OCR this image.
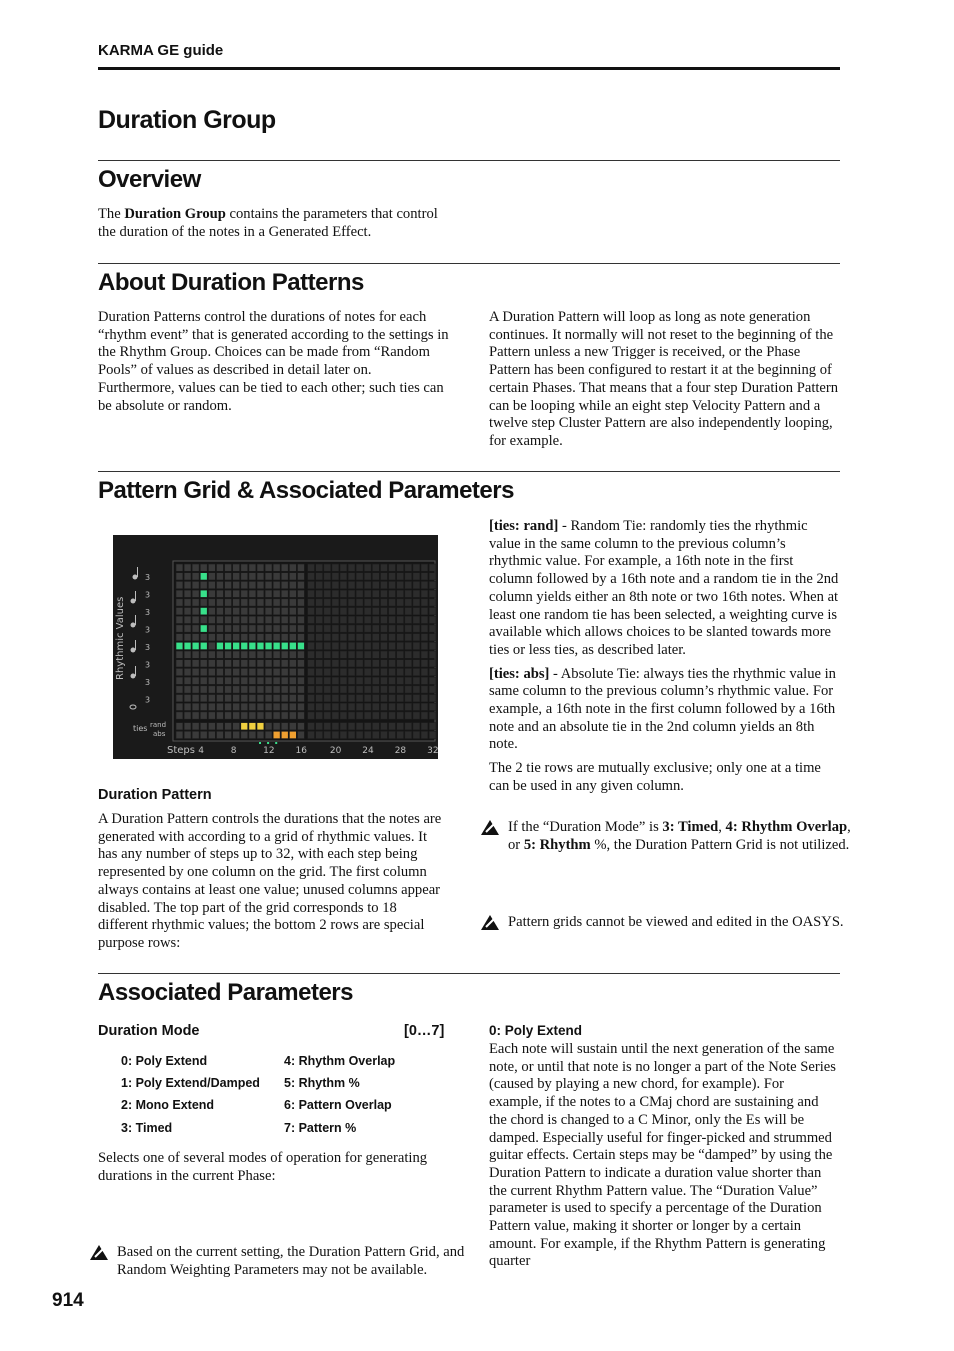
KARMA GE guide
Duration Group
Overview
The Duration Group contains the parameters that control the duration of the notes in a Generated Effect.
About Duration Patterns
Duration Patterns control the durations of notes for each “rhythm event” that is generated according to the settings in the Rhythm Group. Choices can be made from “Random Pools” of values as described in detail later on. Furthermore, values can be tied to each other; such ties can be absolute or random.
A Duration Pattern will loop as long as note generation continues. It normally will not reset to the beginning of the Pattern unless a new Trigger is received, or the Phase Pattern has been configured to restart it at the beginning of certain Phases. That means that a four step Duration Pattern can be looping while an eight step Velocity Pattern and a twelve step Cluster Pattern are also independently looping, for example.
Pattern Grid & Associated Parameters
3
3
3
3
3
3
3
3
Rhythmic Values
ties rand
abs
Steps 4	8	12 16	20 24 28 32
Duration Pattern
A Duration Pattern controls the durations that the notes are generated with according to a grid of rhythmic values. It has any number of steps up to 32, with each step being represented by one column on the grid. The first column always contains at least one value; unused columns appear disabled. The top part of the grid corresponds to 18 different rhythmic values; the bottom 2 rows are special purpose rows:

[ties: rand] - Random Tie: randomly ties the rhythmic value in the same column to the previous column’s rhythmic value. For example, a 16th note in the first column followed by a 16th note and a random tie in the 2nd column yields either an 8th note or two 16th notes. When at least one random tie has been selected, a weighting curve is available which allows choices to be slanted towards more ties or less ties, as described later.

[ties: abs] - Absolute Tie: always ties the rhythmic value in same column to the previous column’s rhythmic value. For example, a 16th note in the first column followed by a 16th note and an absolute tie in the 2nd column yields an 8th note.

The 2 tie rows are mutually exclusive; only one at a time can be used in any given column.

If the “Duration Mode” is 3: Timed, 4: Rhythm Overlap, or 5: Rhythm %, the Duration Pattern Grid is not utilized.
Pattern grids cannot be viewed and edited in the OASYS.
Associated Parameters
Duration Mode	[0…7]
0: Poly Extend
1: Poly Extend/Damped
2: Mono Extend
3: Timed
4: Rhythm Overlap
5: Rhythm %
6: Pattern Overlap
7: Pattern %
Selects one of several modes of operation for generating durations in the current Phase:
Based on the current setting, the Duration Pattern Grid, and Random Weighting Parameters may not be available.
0: Poly Extend
Each note will sustain until the next generation of the same note, or until that note is no longer a part of the Note Series (caused by playing a new chord, for example). For example, if the notes to a CMaj chord are sustaining and the chord is changed to a C Minor, only the Es will be damped. Especially useful for finger-picked and strummed guitar effects. Certain steps may be “damped” by using the Duration Pattern to indicate a duration value shorter than the current Rhythm Pattern value. The “Duration Value” parameter is used to specify a percentage of the Duration Pattern value, making it shorter or longer by a certain amount. For example, if the Rhythm Pattern is generating quarter
914
